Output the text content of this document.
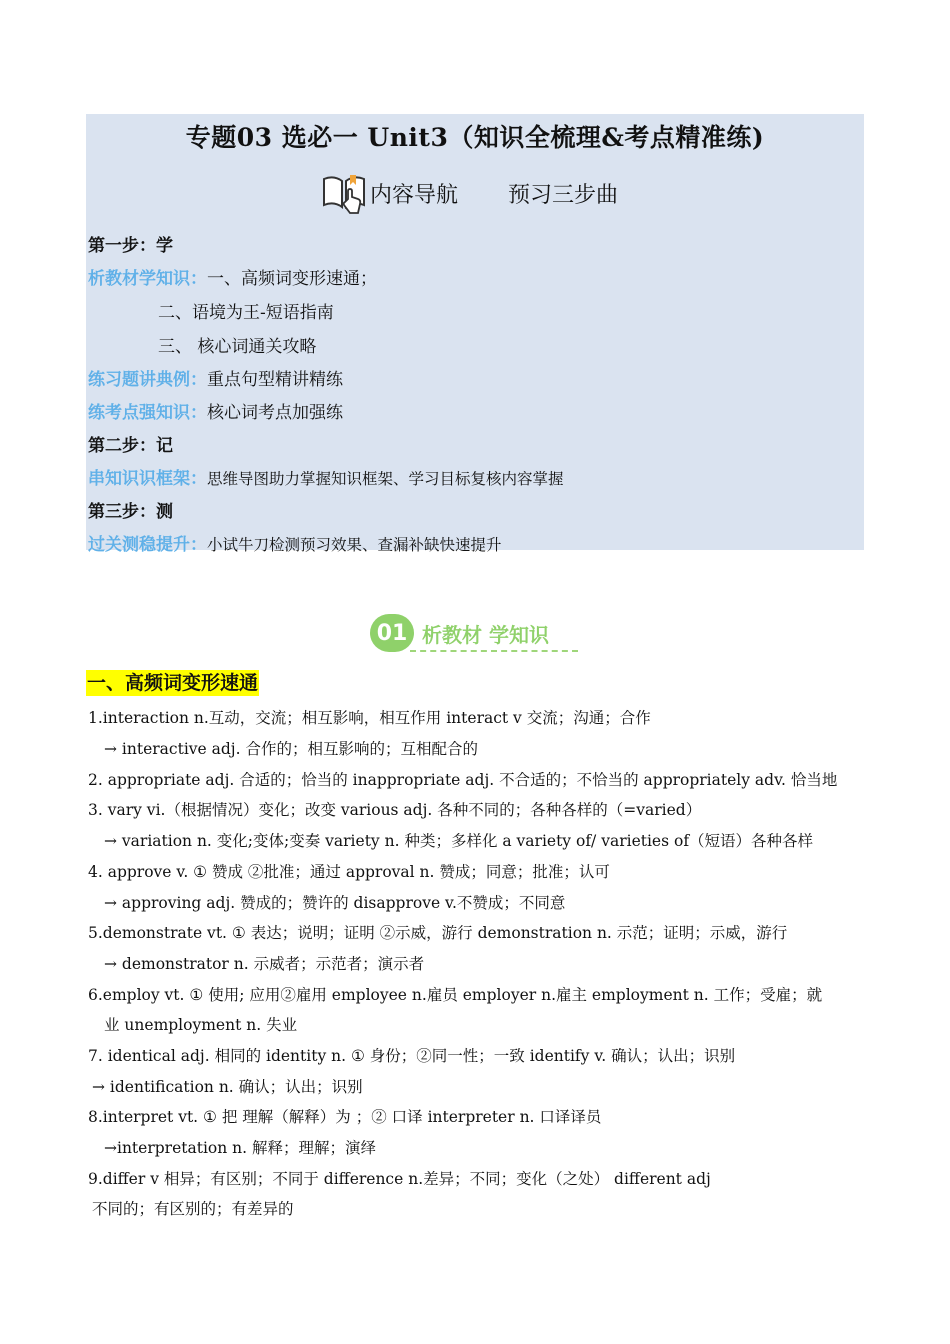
专题03 选必一 Unit3（知识全梳理&考点精准练)
内容导航 预习三步曲
第一步：学
析教材学知识：一、高频词变形速通；
二、语境为王-短语指南
三、 核心词通关攻略
练习题讲典例：重点句型精讲精练
练考点强知识：核心词考点加强练
第二步：记
串知识识框架：思维导图助力掌握知识框架、学习目标复核内容掌握
第三步：测
过关测稳提升：小试牛刀检测预习效果、查漏补缺快速提升
01 析教材 学知识
一、高频词变形速通
1.interaction n.互动，交流；相互影响，相互作用 interact v 交流；沟通；合作
→ interactive adj. 合作的；相互影响的；互相配合的
2. appropriate adj. 合适的；恰当的 inappropriate adj. 不合适的；不恰当的 appropriately adv. 恰当地
3. vary vi.（根据情况）变化；改变 various adj. 各种不同的；各种各样的（=varied）
→ variation n. 变化;变体;变奏 variety n. 种类；多样化 a variety of/ varieties of（短语）各种各样
4. approve v. ① 赞成 ②批准；通过 approval n. 赞成；同意；批准；认可
→ approving adj. 赞成的；赞许的 disapprove v.不赞成；不同意
5.demonstrate vt. ① 表达；说明；证明 ②示威，游行 demonstration n. 示范；证明；示威，游行
→ demonstrator n. 示威者；示范者；演示者
6.employ vt. ① 使用; 应用②雇用 employee n.雇员 employer n.雇主 employment n. 工作；受雇；就
业 unemployment n. 失业
7. identical adj. 相同的 identity n. ① 身份；②同一性；一致 identify v. 确认；认出；识别
→ identification n. 确认；认出；识别
8.interpret vt. ① 把 理解（解释）为 ；② 口译 interpreter n. 口译译员
→interpretation n. 解释；理解；演绎
9.differ v 相异；有区别；不同于 difference n.差异；不同；变化（之处） different adj
不同的；有区别的；有差异的
